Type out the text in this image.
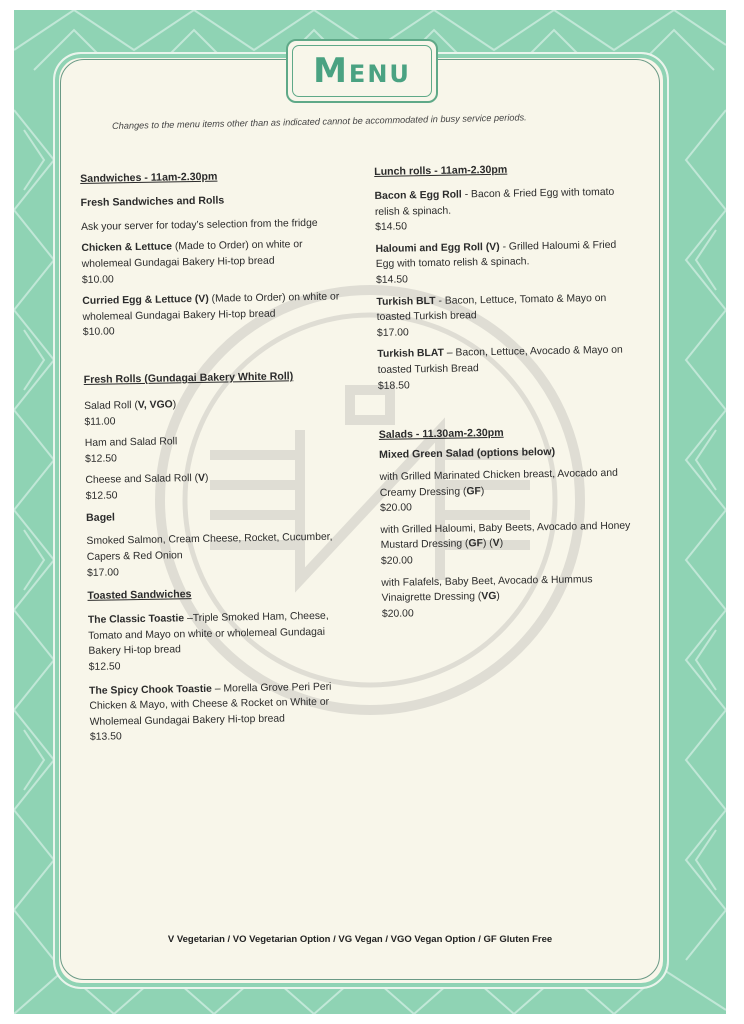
Menu
Changes to the menu items other than as indicated cannot be accommodated in busy service periods.
Sandwiches - 11am-2.30pm
Fresh Sandwiches and Rolls
Ask your server for today’s selection from the fridge
Chicken & Lettuce (Made to Order) on white or wholemeal Gundagai Bakery Hi-top bread
$10.00
Curried Egg & Lettuce (V) (Made to Order) on white or wholemeal Gundagai Bakery Hi-top bread
$10.00
Fresh Rolls (Gundagai Bakery White Roll)
Salad Roll (V, VGO)
$11.00
Ham and Salad Roll
$12.50
Cheese and Salad Roll (V)
$12.50
Bagel
Smoked Salmon, Cream Cheese, Rocket, Cucumber, Capers & Red Onion
$17.00
Toasted Sandwiches
The Classic Toastie –Triple Smoked Ham, Cheese, Tomato and Mayo on white or wholemeal Gundagai Bakery Hi-top bread
$12.50
The Spicy Chook Toastie – Morella Grove Peri Peri Chicken & Mayo, with Cheese & Rocket on White or Wholemeal Gundagai Bakery Hi-top bread
$13.50
Lunch rolls - 11am-2.30pm
Bacon & Egg Roll - Bacon & Fried Egg with tomato relish & spinach.
$14.50
Haloumi and Egg Roll (V) - Grilled Haloumi & Fried Egg with tomato relish & spinach.
$14.50
Turkish BLT - Bacon, Lettuce, Tomato & Mayo on toasted Turkish bread
$17.00
Turkish BLAT – Bacon, Lettuce, Avocado & Mayo on toasted Turkish Bread
$18.50
Salads - 11.30am-2.30pm
Mixed Green Salad (options below)
with Grilled Marinated Chicken breast, Avocado and Creamy Dressing (GF)
$20.00
with Grilled Haloumi, Baby Beets, Avocado and Honey Mustard Dressing (GF) (V)
$20.00
with Falafels, Baby Beet, Avocado & Hummus Vinaigrette Dressing (VG)
$20.00
V Vegetarian / VO Vegetarian Option / VG Vegan / VGO Vegan Option / GF Gluten Free
